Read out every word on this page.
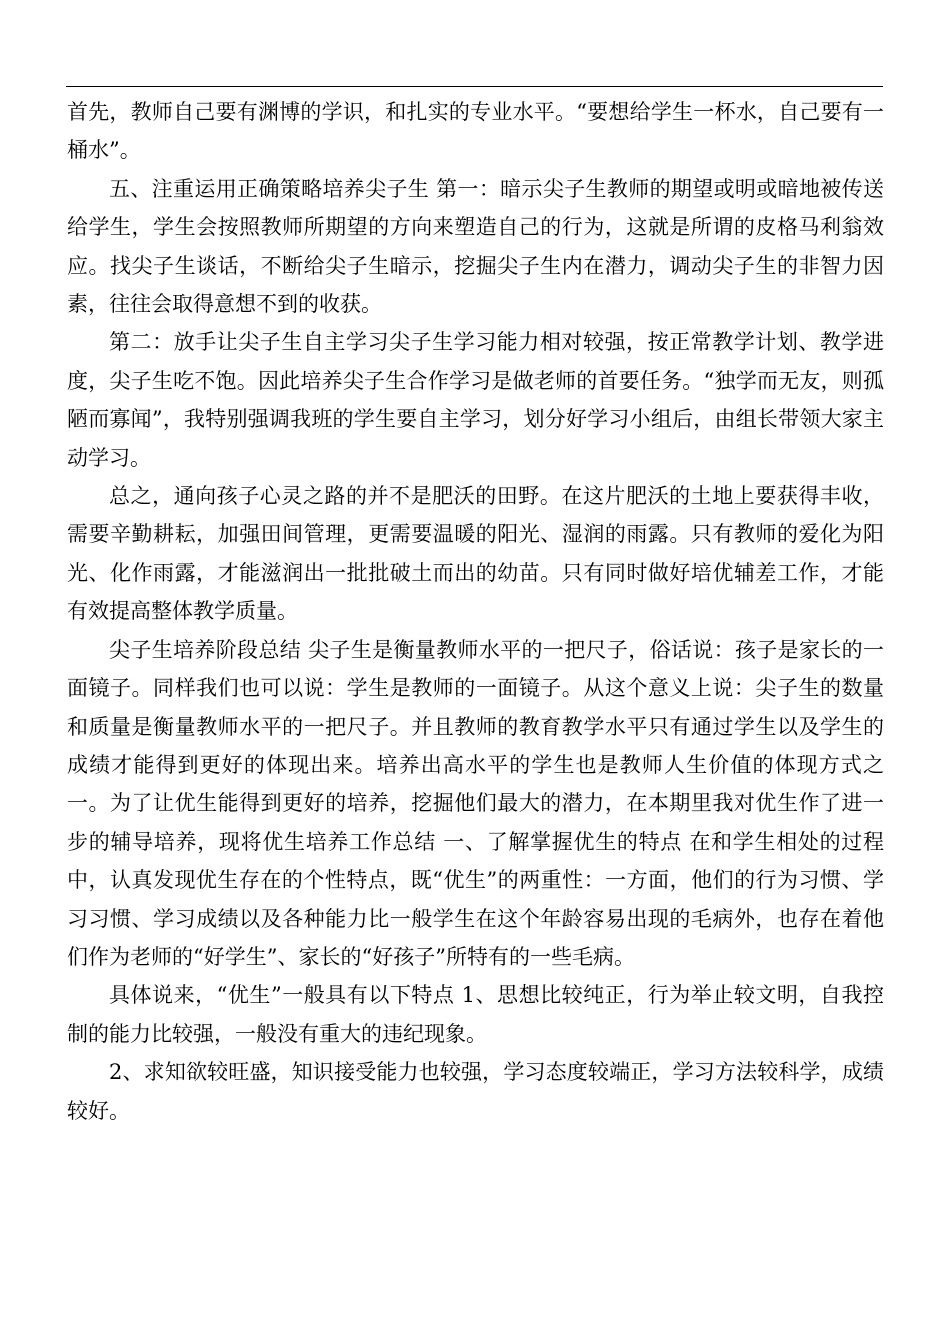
首先，教师自己要有渊博的学识，和扎实的专业水平。“要想给学生一杯水，自己要有一桶水”。

五、注重运用正确策略培养尖子生 第一：暗示尖子生教师的期望或明或暗地被传送给学生，学生会按照教师所期望的方向来塑造自己的行为，这就是所谓的皮格马利翁效应。找尖子生谈话，不断给尖子生暗示，挖掘尖子生内在潜力，调动尖子生的非智力因素，往往会取得意想不到的收获。

第二：放手让尖子生自主学习尖子生学习能力相对较强，按正常教学计划、教学进度，尖子生吃不饱。因此培养尖子生合作学习是做老师的首要任务。“独学而无友，则孤陋而寡闻”，我特别强调我班的学生要自主学习，划分好学习小组后，由组长带领大家主动学习。

总之，通向孩子心灵之路的并不是肥沃的田野。在这片肥沃的土地上要获得丰收，需要辛勤耕耘，加强田间管理，更需要温暖的阳光、湿润的雨露。只有教师的爱化为阳光、化作雨露，才能滋润出一批批破土而出的幼苗。只有同时做好培优辅差工作，才能有效提高整体教学质量。

尖子生培养阶段总结 尖子生是衡量教师水平的一把尺子，俗话说：孩子是家长的一面镜子。同样我们也可以说：学生是教师的一面镜子。从这个意义上说：尖子生的数量和质量是衡量教师水平的一把尺子。并且教师的教育教学水平只有通过学生以及学生的成绩才能得到更好的体现出来。培养出高水平的学生也是教师人生价值的体现方式之一。为了让优生能得到更好的培养，挖掘他们最大的潜力，在本期里我对优生作了进一步的辅导培养，现将优生培养工作总结 一、了解掌握优生的特点 在和学生相处的过程中，认真发现优生存在的个性特点，既“优生”的两重性：一方面，他们的行为习惯、学习习惯、学习成绩以及各种能力比一般学生在这个年龄容易出现的毛病外，也存在着他们作为老师的“好学生”、家长的“好孩子”所特有的一些毛病。

具体说来，“优生”一般具有以下特点 1、思想比较纯正，行为举止较文明，自我控制的能力比较强，一般没有重大的违纪现象。

2、求知欲较旺盛，知识接受能力也较强，学习态度较端正，学习方法较科学，成绩较好。
